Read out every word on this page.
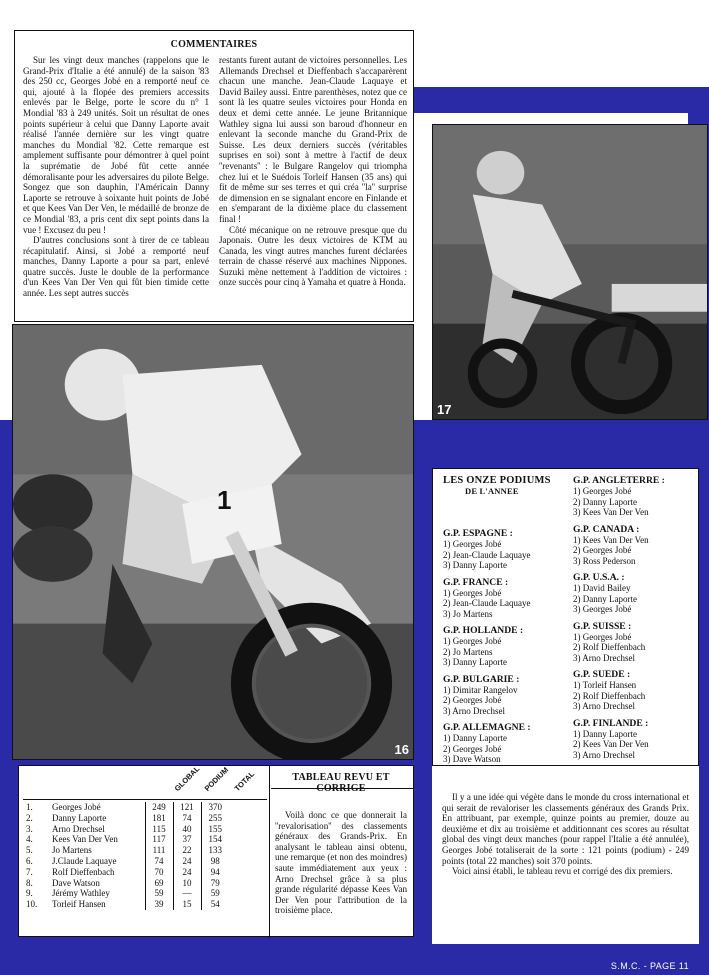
COMMENTAIRES

Sur les vingt deux manches (rappelons que le Grand-Prix d'Italie a été annulé) de la saison '83 des 250 cc, Georges Jobé en a remporté neuf ce qui, ajouté à la flopée des premiers accessits enlevés par le Belge, porte le score du n° 1 Mondial '83 à 249 unités. Soit un résultat de ones points supérieur à celui que Danny Laporte avait réalisé l'année dernière sur les vingt quatre manches du Mondial '82. Cette remarque est amplement suffisante pour démontrer à quel point la suprématie de Jobé fût cette année démoralisante pour les adversaires du pilote Belge. Songez que son dauphin, l'Américain Danny Laporte se retrouve à soixante huit points de Jobé et que Kees Van Der Ven, le médaillé de bronze de ce Mondial '83, a pris cent dix sept points dans la vue ! Excusez du peu !

D'autres conclusions sont à tirer de ce tableau récapitulatif. Ainsi, si Jobé a remporté neuf manches, Danny Laporte a pour sa part, enlevé quatre succès. Juste le double de la performance d'un Kees Van Der Ven qui fût bien timide cette année. Les sept autres succès

restants furent autant de victoires personnelles. Les Allemands Drechsel et Dieffenbach s'accaparèrent chacun une manche. Jean-Claude Laquaye et David Bailey aussi. Entre parenthèses, notez que ce sont là les quatre seules victoires pour Honda en deux et demi cette année. Le jeune Britannique Wathley signa lui aussi son baroud d'honneur en enlevant la seconde manche du Grand-Prix de Suisse. Les deux derniers succès (véritables suprises en soi) sont à mettre à l'actif de deux ''revenants'' : le Bulgare Rangelov qui triompha chez lui et le Suédois Torleif Hansen (35 ans) qui fit de même sur ses terres et qui créa ''la'' surprise de dimension en se signalant encore en Finlande et en s'emparant de la dixième place du classement final !

Côté mécanique on ne retrouve presque que du Japonais. Outre les deux victoires de KTM au Canada, les vingt autres manches furent déclarées terrain de chasse réservé aux machines Nippones. Suzuki mène nettement à l'addition de victoires : onze succès pour cinq à Yamaha et quatre à Honda.

17
1
16
LES ONZE PODIUMS
DE L'ANNEE
G.P. ESPAGNE :
1) Georges Jobé
2) Jean-Claude Laquaye
3) Danny Laporte
G.P. FRANCE :
1) Georges Jobé
2) Jean-Claude Laquaye
3) Jo Martens
G.P. HOLLANDE :
1) Georges Jobé
2) Jo Martens
3) Danny Laporte
G.P. BULGARIE :
1) Dimitar Rangelov
2) Georges Jobé
3) Arno Drechsel
G.P. ALLEMAGNE :
1) Danny Laporte
2) Georges Jobé
3) Dave Watson
G.P. ANGLETERRE :
1) Georges Jobé
2) Danny Laporte
3) Kees Van Der Ven
G.P. CANADA :
1) Kees Van Der Ven
2) Georges Jobé
3) Ross Pederson
G.P. U.S.A. :
1) David Bailey
2) Danny Laporte
3) Georges Jobé
G.P. SUISSE :
1) Georges Jobé
2) Rolf Dieffenbach
3) Arno Drechsel
G.P. SUEDE :
1) Torleif Hansen
2) Rolf Dieffenbach
3) Arno Drechsel
G.P. FINLANDE :
1) Danny Laporte
2) Kees Van Der Ven
3) Arno Drechsel
GLOBAL PODIUM TOTAL
1.	Georges Jobé	249	121	370
2.	Danny Laporte	181	74	255
3.	Arno Drechsel	115	40	155
4.	Kees Van Der Ven	117	37	154
5.	Jo Martens	111	22	133
6.	J.Claude Laquaye	74	24	98
7.	Rolf Dieffenbach	70	24	94
8.	Dave Watson	69	10	79
9.	Jérémy Wathley	59	—	59
10.	Torleif Hansen	39	15	54
TABLEAU REVU ET CORRIGE

Voilà donc ce que donnerait la ''revalorisation'' des classements généraux des Grands-Prix. En analysant le tableau ainsi obtenu, une remarque (et non des moindres) saute immédiatement aux yeux : Arno Drechsel grâce à sa plus grande régularité dépasse Kees Van Der Ven pour l'attribution de la troisième place.

Il y a une idée qui végète dans le monde du cross international et qui serait de revaloriser les classements généraux des Grands Prix. En attribuant, par exemple, quinze points au premier, douze au deuxième et dix au troisième et additionnant ces scores au résultat global des vingt deux manches (pour rappel l'Italie a été annulée), Georges Jobé totaliserait de la sorte : 121 points (podium) - 249 points (total 22 manches) soit 370 points.

Voici ainsi établi, le tableau revu et corrigé des dix premiers.

S.M.C. - PAGE 11
